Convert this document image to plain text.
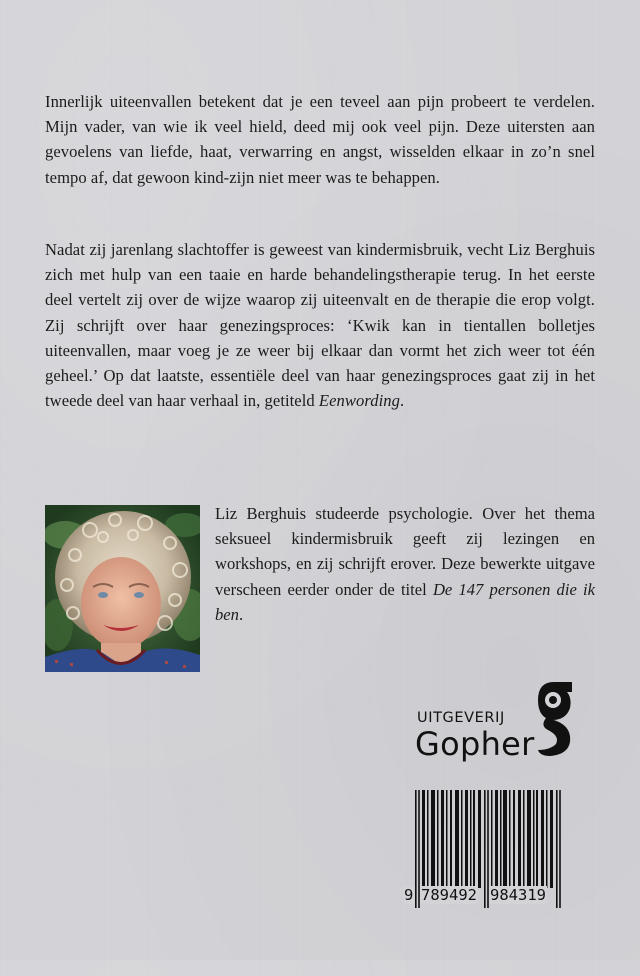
Innerlijk uiteenvallen betekent dat je een teveel aan pijn probeert te verdelen. Mijn vader, van wie ik veel hield, deed mij ook veel pijn. Deze uitersten aan gevoelens van liefde, haat, verwarring en angst, wisselden elkaar in zo’n snel tempo af, dat gewoon kind-zijn niet meer was te behappen.

Nadat zij jarenlang slachtoffer is geweest van kindermisbruik, vecht Liz Berghuis zich met hulp van een taaie en harde behandelingstherapie terug. In het eerste deel vertelt zij over de wijze waarop zij uiteenvalt en de therapie die erop volgt. Zij schrijft over haar genezingsproces: ‘Kwik kan in tientallen bolletjes uiteenvallen, maar voeg je ze weer bij elkaar dan vormt het zich weer tot één geheel.’ Op dat laatste, essentiële deel van haar genezingsproces gaat zij in het tweede deel van haar verhaal in, getiteld Eenwording.

Liz Berghuis studeerde psychologie. Over het thema seksueel kindermisbruik geeft zij lezingen en workshops, en zij schrijft erover. Deze bewerkte uitgave verscheen eerder onder de titel De 147 personen die ik ben.

UITGEVERIJ
Gopher

9

789492

984319
